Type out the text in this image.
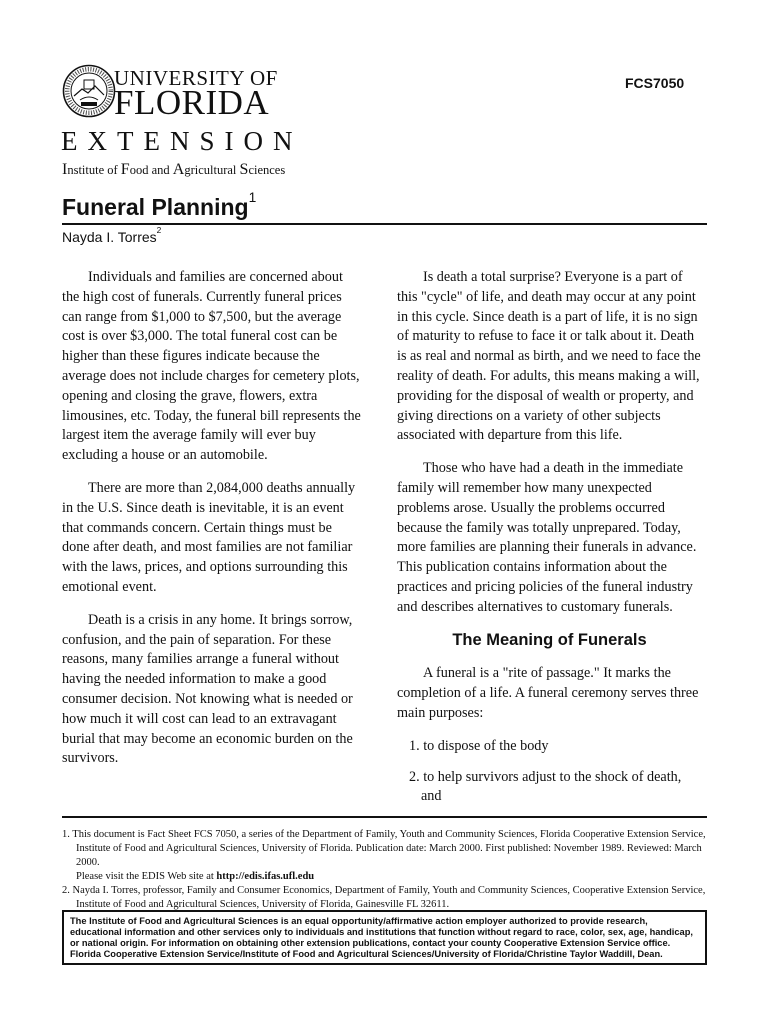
UNIVERSITY OF
FLORIDA
EXTENSION
Institute of Food and Agricultural Sciences
FCS7050
Funeral Planning$^1$
Nayda I. Torres$^2$

Individuals and families are concerned about the high cost of funerals. Currently funeral prices can range from $1,000 to $7,500, but the average cost is over $3,000. The total funeral cost can be higher than these figures indicate because the average does not include charges for cemetery plots, opening and closing the grave, flowers, extra limousines, etc. Today, the funeral bill represents the largest item the average family will ever buy excluding a house or an automobile.

There are more than 2,084,000 deaths annually in the U.S. Since death is inevitable, it is an event that commands concern. Certain things must be done after death, and most families are not familiar with the laws, prices, and options surrounding this emotional event.

Death is a crisis in any home. It brings sorrow, confusion, and the pain of separation. For these reasons, many families arrange a funeral without having the needed information to make a good consumer decision. Not knowing what is needed or how much it will cost can lead to an extravagant burial that may become an economic burden on the survivors.

Is death a total surprise? Everyone is a part of this "cycle" of life, and death may occur at any point in this cycle. Since death is a part of life, it is no sign of maturity to refuse to face it or talk about it. Death is as real and normal as birth, and we need to face the reality of death. For adults, this means making a will, providing for the disposal of wealth or property, and giving directions on a variety of other subjects associated with departure from this life.

Those who have had a death in the immediate family will remember how many unexpected problems arose. Usually the problems occurred because the family was totally unprepared. Today, more families are planning their funerals in advance. This publication contains information about the practices and pricing policies of the funeral industry and describes alternatives to customary funerals.

The Meaning of Funerals

A funeral is a "rite of passage." It marks the completion of a life. A funeral ceremony serves three main purposes:

1. to dispose of the body
2. to help survivors adjust to the shock of death, and
1. This document is Fact Sheet FCS 7050, a series of the Department of Family, Youth and Community Sciences, Florida Cooperative Extension Service,
Institute of Food and Agricultural Sciences, University of Florida. Publication date: March 2000. First published: November 1989. Reviewed: March 2000.
Please visit the EDIS Web site at http://edis.ifas.ufl.edu
2. Nayda I. Torres, professor, Family and Consumer Economics, Department of Family, Youth and Community Sciences, Cooperative Extension Service,
Institute of Food and Agricultural Sciences, University of Florida, Gainesville FL 32611.
The Institute of Food and Agricultural Sciences is an equal opportunity/affirmative action employer authorized to provide research, educational information and other services only to individuals and institutions that function without regard to race, color, sex, age, handicap, or national origin. For information on obtaining other extension publications, contact your county Cooperative Extension Service office. Florida Cooperative Extension Service/Institute of Food and Agricultural Sciences/University of Florida/Christine Taylor Waddill, Dean.
